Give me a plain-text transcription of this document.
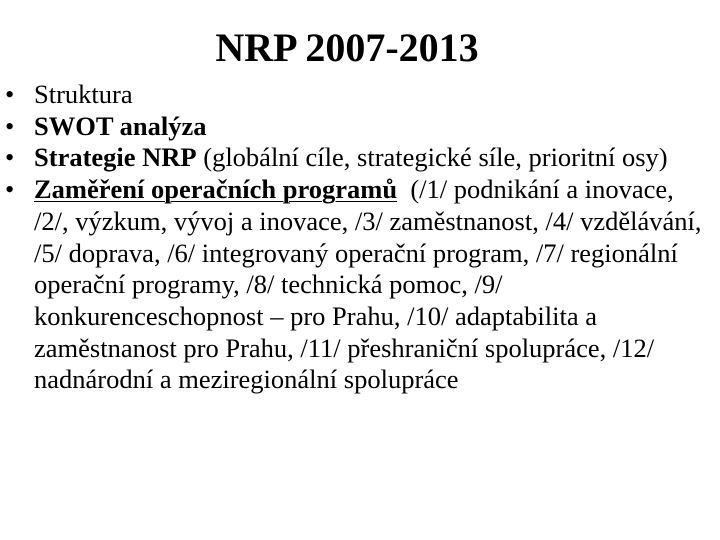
NRP 2007-2013
• Struktura
• SWOT analýza
• Strategie NRP (globální cíle, strategické síle, prioritní osy)
• Zaměření operačních programů  (/1/ podnikání a inovace, /2/, výzkum, vývoj a inovace, /3/ zaměstnanost, /4/ vzdělávání, /5/ doprava, /6/ integrovaný operační program, /7/ regionální operační programy, /8/ technická pomoc, /9/ konkurenceschopnost – pro Prahu, /10/ adaptabilita a zaměstnanost pro Prahu, /11/ přeshraniční spolupráce, /12/ nadnárodní a meziregionální spolupráce
